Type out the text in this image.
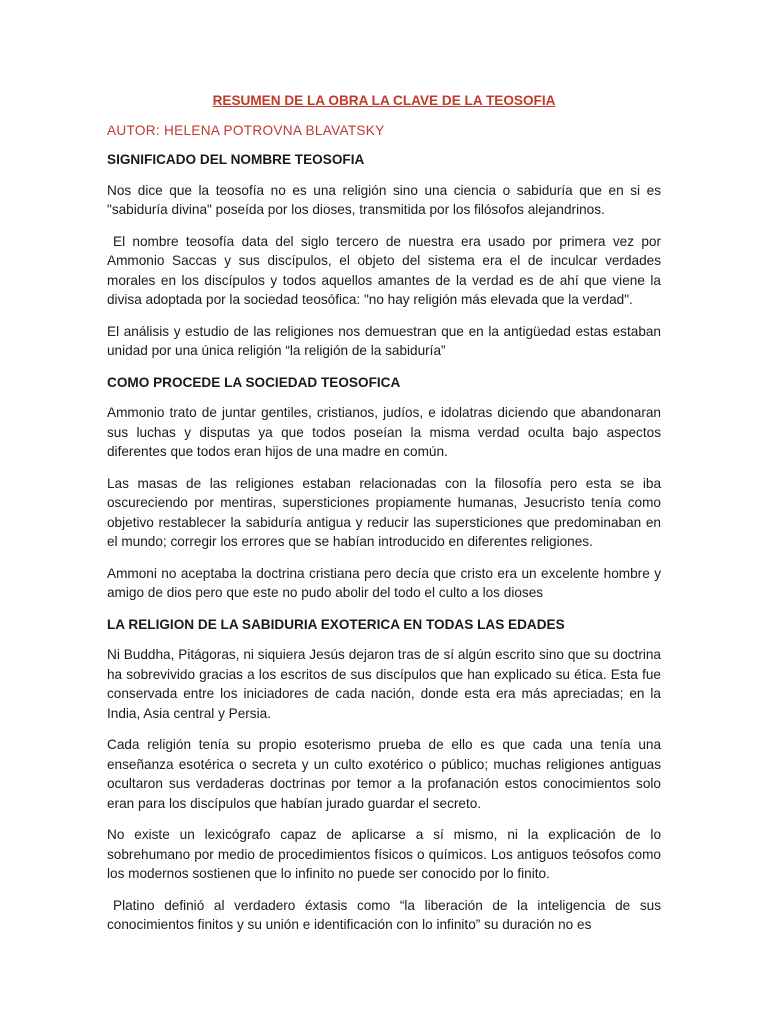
RESUMEN DE LA OBRA LA CLAVE DE LA TEOSOFIA

AUTOR: HELENA POTROVNA BLAVATSKY

SIGNIFICADO DEL NOMBRE TEOSOFIA

Nos dice que la teosofía no es una religión sino una ciencia o sabiduría que en si es "sabiduría divina" poseída por los dioses, transmitida por los filósofos alejandrinos.

El nombre teosofía data del siglo tercero de nuestra era usado por primera vez por Ammonio Saccas y sus discípulos, el objeto del sistema era el de inculcar verdades morales en los discípulos y todos aquellos amantes de la verdad es de ahí que viene la divisa adoptada por la sociedad teosófica: "no hay religión más elevada que la verdad".

El análisis y estudio de las religiones nos demuestran que en la antigüedad estas estaban unidad por una única religión “la religión de la sabiduría”

COMO PROCEDE LA SOCIEDAD TEOSOFICA

Ammonio trato de juntar gentiles, cristianos, judíos, e idolatras diciendo que abandonaran sus luchas y disputas ya que todos poseían la misma verdad oculta bajo aspectos diferentes que todos eran hijos de una madre en común.

Las masas de las religiones estaban relacionadas con la filosofía pero esta se iba oscureciendo por mentiras, supersticiones propiamente humanas, Jesucristo tenía como objetivo restablecer la sabiduría antigua y reducir las supersticiones que predominaban en el mundo; corregir los errores que se habían introducido en diferentes religiones.

Ammoni no aceptaba la doctrina cristiana pero decía que cristo era un excelente hombre y amigo de dios pero que este no pudo abolir del todo el culto a los dioses

LA RELIGION DE LA SABIDURIA EXOTERICA EN TODAS LAS EDADES

Ni Buddha, Pitágoras, ni siquiera Jesús dejaron tras de sí algún escrito sino que su doctrina ha sobrevivido gracias a los escritos de sus discípulos que han explicado su ética. Esta fue conservada entre los iniciadores de cada nación, donde esta era más apreciadas; en la India, Asia central y Persia.

Cada religión tenía su propio esoterismo prueba de ello es que cada una tenía una enseñanza esotérica o secreta y un culto exotérico o público; muchas religiones antiguas ocultaron sus verdaderas doctrinas por temor a la profanación estos conocimientos solo eran para los discípulos que habían jurado guardar el secreto.

No existe un lexicógrafo capaz de aplicarse a sí mismo, ni la explicación de lo sobrehumano por medio de procedimientos físicos o químicos. Los antiguos teósofos como los modernos sostienen que lo infinito no puede ser conocido por lo finito.

Platino definió al verdadero éxtasis como “la liberación de la inteligencia de sus conocimientos finitos y su unión e identificación con lo infinito” su duración no es
